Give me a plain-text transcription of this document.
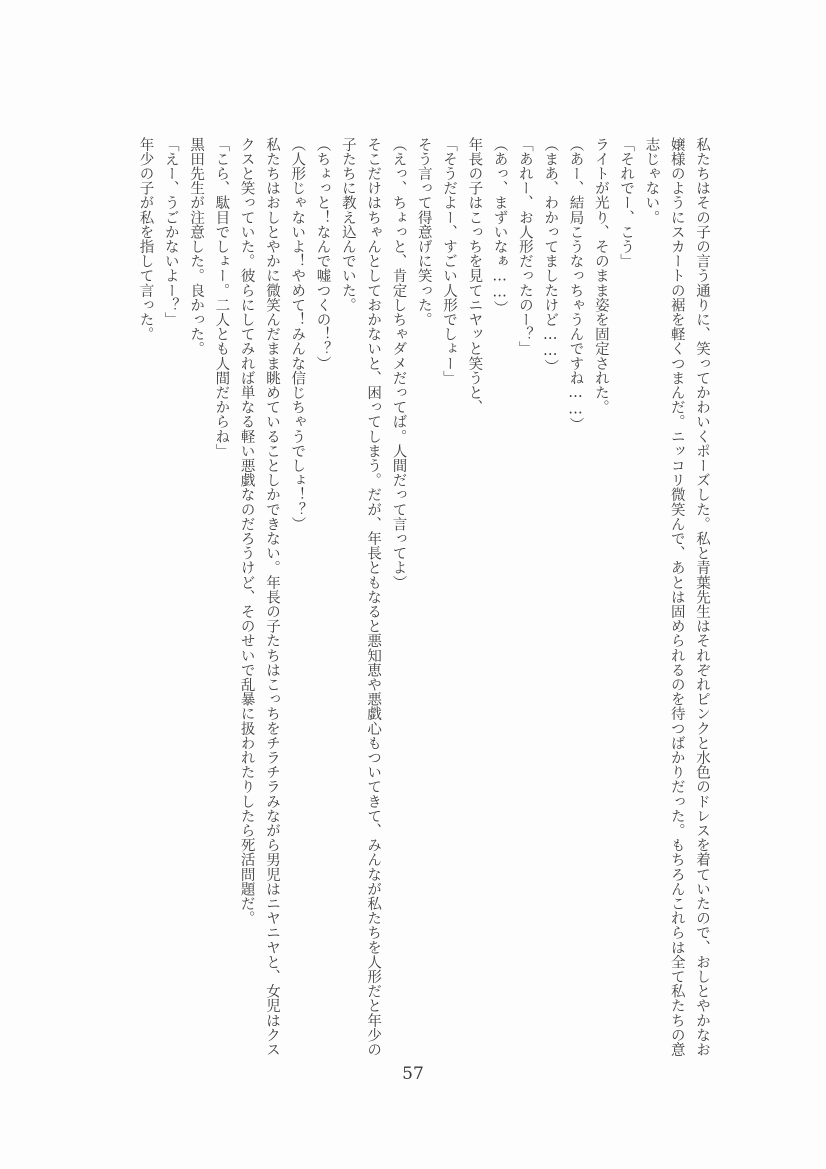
私たちはその子の言う通りに、笑ってかわいくポーズした。私と青葉先生はそれぞれピンクと水色のドレスを着ていたので、おしとやかなお
嬢様のようにスカートの裾を軽くつまんだ。ニッコリ微笑んで、あとは固められるのを待つばかりだった。もちろんこれらは全て私たちの意
志じゃない。
「それでー、こう」
ライトが光り、そのまま姿を固定された。
（あー、結局こうなっちゃうんですね……）
（まあ、わかってましたけど……）
「あれー、お人形だったのー？」
（あっ、まずいなぁ……）
年長の子はこっちを見てニヤッと笑うと、
「そうだよー、すごい人形でしょー」
そう言って得意げに笑った。
（えっ、ちょっと、肯定しちゃダメだってば。人間だって言ってよ）
そこだけはちゃんとしておかないと、困ってしまう。だが、年長ともなると悪知恵や悪戯心もついてきて、みんなが私たちを人形だと年少の
子たちに教え込んでいた。
（ちょっと！なんで嘘つくの！？）
（人形じゃないよ！やめて！みんな信じちゃうでしょ！？）
私たちはおしとやかに微笑んだまま眺めていることしかできない。年長の子たちはこっちをチラチラみながら男児はニヤニヤと、女児はクス
クスと笑っていた。彼らにしてみれば単なる軽い悪戯なのだろうけど、そのせいで乱暴に扱われたりしたら死活問題だ。
「こら、駄目でしょー。二人とも人間だからね」
黒田先生が注意した。良かった。
「えー、うごかないよー？」
年少の子が私を指して言った。
57
